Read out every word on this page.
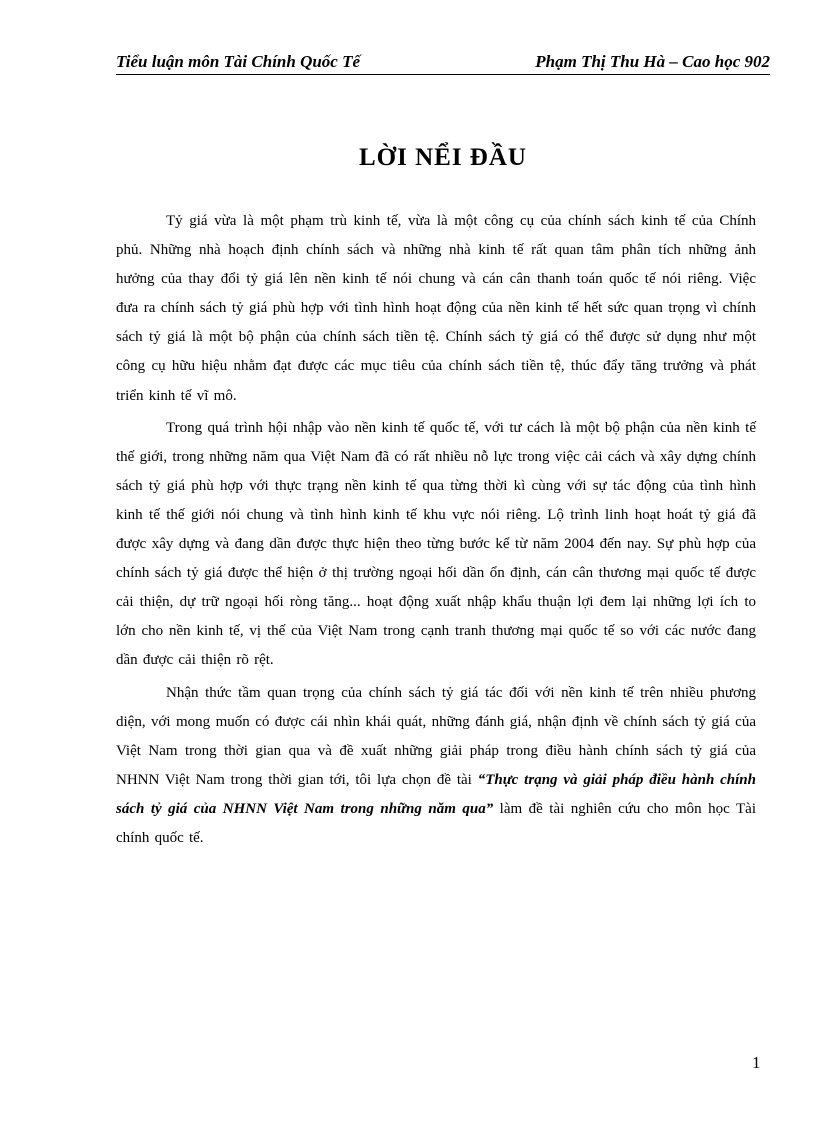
Tiểu luận môn Tài Chính Quốc Tế	Phạm Thị Thu Hà – Cao học 902
LỜI NỂI ĐẦU

Tỷ giá vừa là một phạm trù kinh tế, vừa là một công cụ của chính sách kinh tế của Chính phủ. Những nhà hoạch định chính sách và những nhà kinh tế rất quan tâm phân tích những ảnh hưởng của thay đổi tỷ giá lên nền kinh tế nói chung và cán cân thanh toán quốc tế nói riêng. Việc đưa ra chính sách tỷ giá phù hợp với tình hình hoạt động của nền kinh tế hết sức quan trọng vì chính sách tỷ giá là một bộ phận của chính sách tiền tệ. Chính sách tỷ giá có thể được sử dụng như một công cụ hữu hiệu nhằm đạt được các mục tiêu của chính sách tiền tệ, thúc đẩy tăng trưởng và phát triển kinh tế vĩ mô.

Trong quá trình hội nhập vào nền kinh tế quốc tế, với tư cách là một bộ phận của nền kinh tế thế giới, trong những năm qua Việt Nam đã có rất nhiều nỗ lực trong việc cải cách và xây dựng chính sách tỷ giá phù hợp với thực trạng nền kinh tế qua từng thời kì cùng với sự tác động của tình hình kinh tế thế giới nói chung và tình hình kinh tế khu vực nói riêng. Lộ trình linh hoạt hoát tỷ giá đã được xây dựng và đang dần được thực hiện theo từng bước kể từ năm 2004 đến nay. Sự phù hợp của chính sách tỷ giá được thể hiện ở thị trường ngoại hối dần ổn định, cán cân thương mại quốc tế được cải thiện, dự trữ ngoại hối ròng tăng... hoạt động xuất nhập khẩu thuận lợi đem lại những lợi ích to lớn cho nền kinh tế, vị thế của Việt Nam trong cạnh tranh thương mại quốc tế so với các nước đang dần được cải thiện rõ rệt.

Nhận thức tầm quan trọng của chính sách tỷ giá tác đối với nền kinh tế trên nhiều phương diện, với mong muốn có được cái nhìn khái quát, những đánh giá, nhận định về chính sách tỷ giá của Việt Nam trong thời gian qua và đề xuất những giải pháp trong điều hành chính sách tỷ giá của NHNN Việt Nam trong thời gian tới, tôi lựa chọn đề tài “Thực trạng và giải pháp điều hành chính sách tỷ giá của NHNN Việt Nam trong những năm qua” làm đề tài nghiên cứu cho môn học Tài chính quốc tế.

1
